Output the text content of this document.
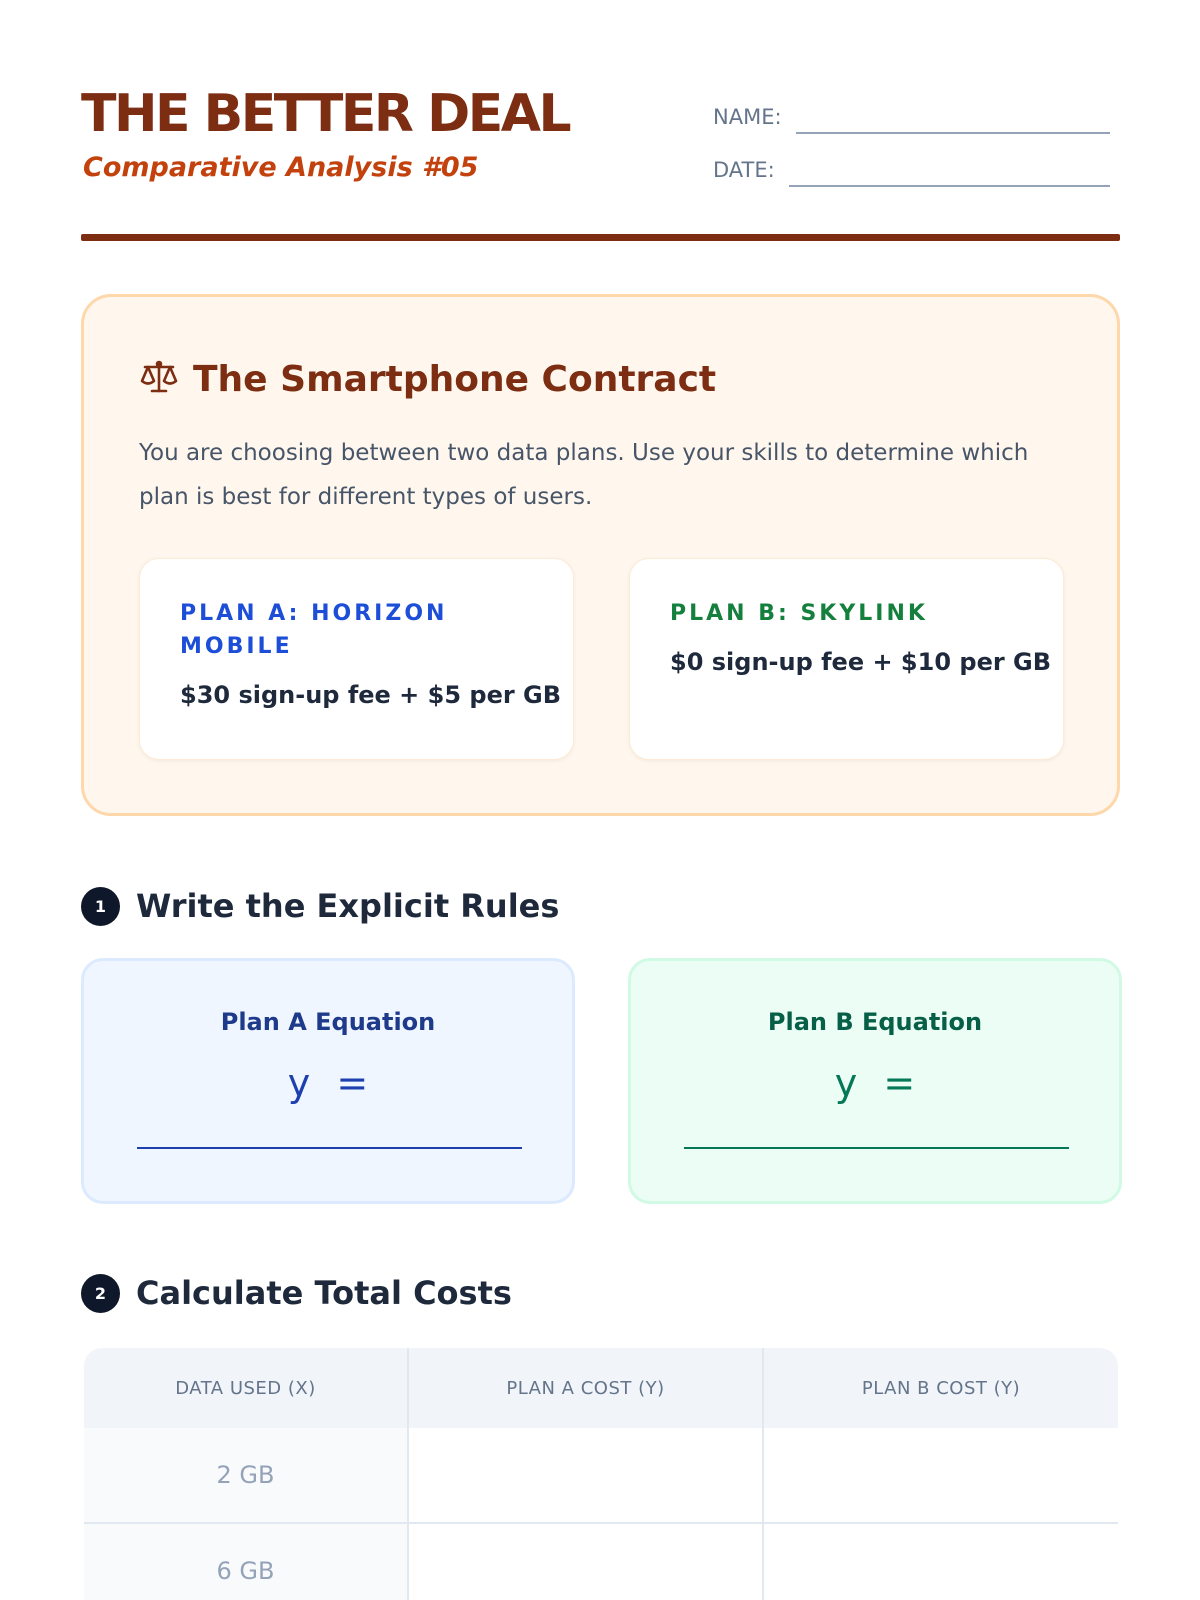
THE BETTER DEAL
Comparative Analysis #05
NAME:
DATE:
The Smartphone Contract

You are choosing between two data plans. Use your skills to determine which plan is best for different types of users.

PLAN A: HORIZON MOBILE
$30 sign-up fee + $5 per GB
PLAN B: SKYLINK
$0 sign-up fee + $10 per GB
1 Write the Explicit Rules
Plan A Equation
y =
Plan B Equation
y =
2 Calculate Total Costs
DATA USED (X)	PLAN A COST (Y)	PLAN B COST (Y)
2 GB		
6 GB		
